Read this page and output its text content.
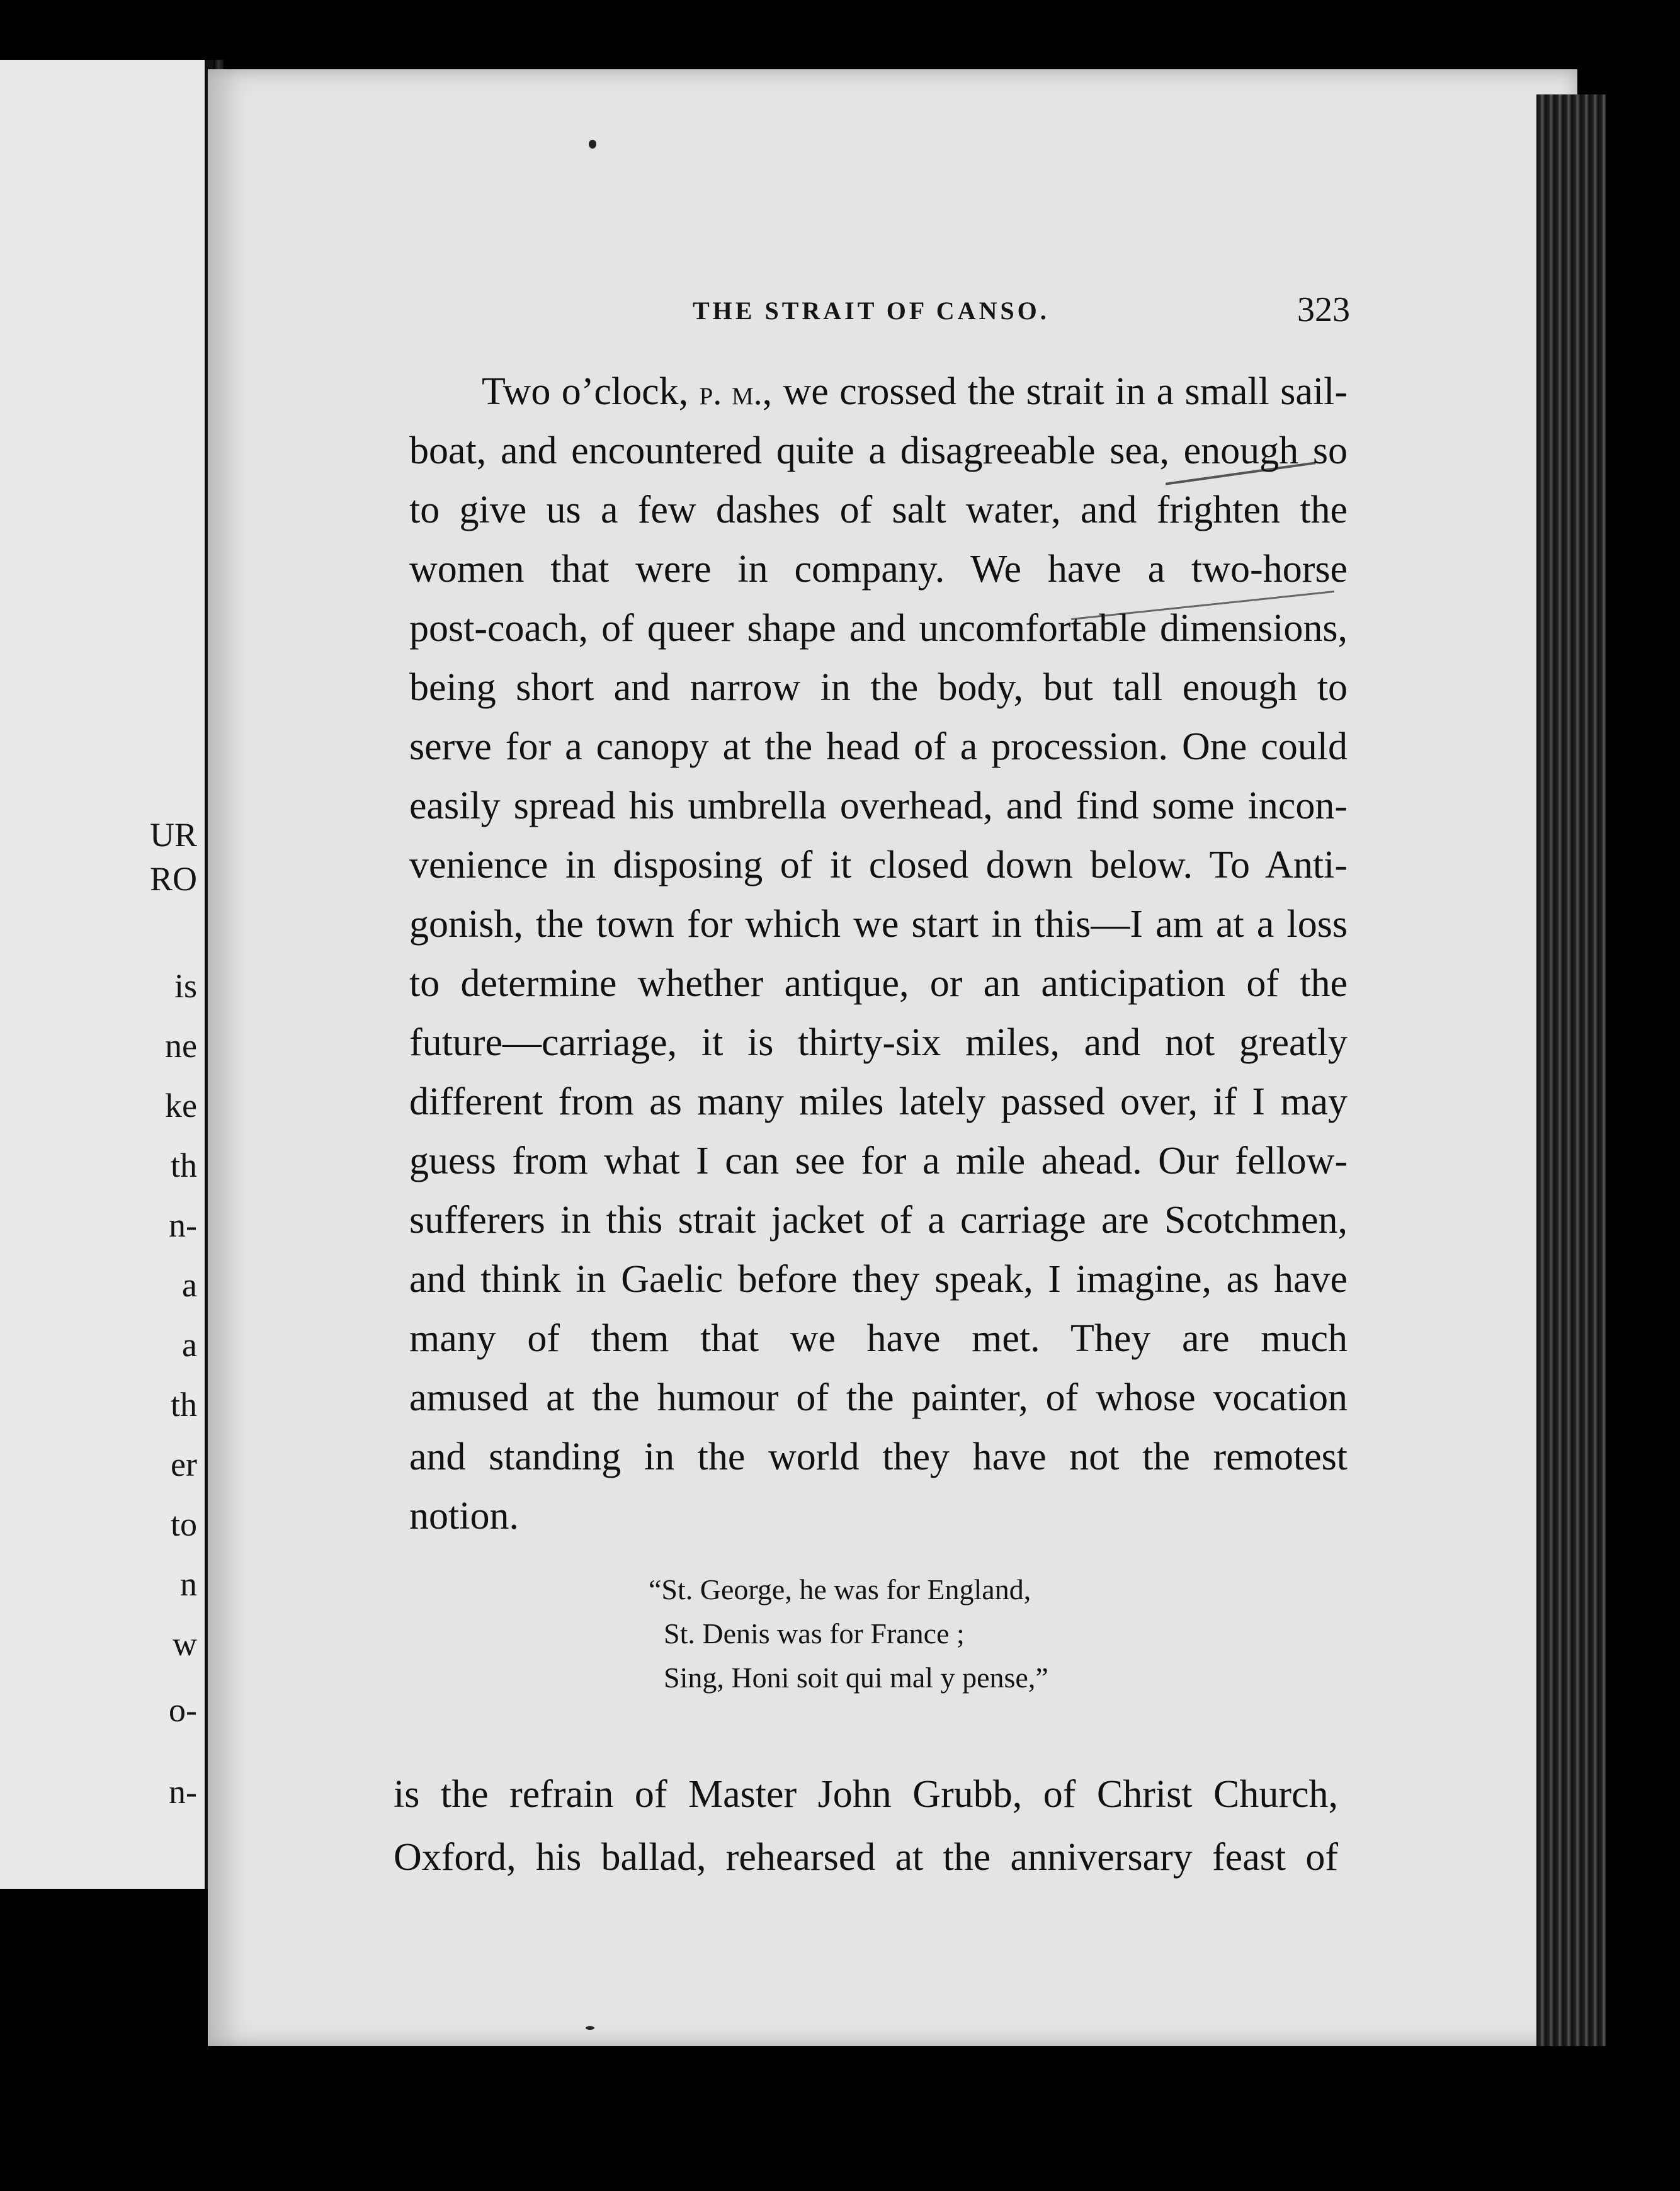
UR
RO
is
ne
ke
th
n-
a
a
th
er
to
n
w
o-
n-
THE STRAIT OF CANSO.	323
Two o’clock, p. m., we crossed the strait in a small sail-
boat, and encountered quite a disagreeable sea, enough so
to give us a few dashes of salt water, and frighten the
women that were in company. We have a two-horse
post-coach, of queer shape and uncomfortable dimensions,
being short and narrow in the body, but tall enough to
serve for a canopy at the head of a procession. One could
easily spread his umbrella overhead, and find some incon-
venience in disposing of it closed down below. To Anti-
gonish, the town for which we start in this—I am at a loss
to determine whether antique, or an anticipation of the
future—carriage, it is thirty-six miles, and not greatly
different from as many miles lately passed over, if I may
guess from what I can see for a mile ahead. Our fellow-
sufferers in this strait jacket of a carriage are Scotchmen,
and think in Gaelic before they speak, I imagine, as have
many of them that we have met. They are much
amused at the humour of the painter, of whose vocation
and standing in the world they have not the remotest
notion.
“St. George, he was for England,
St. Denis was for France ;
Sing, Honi soit qui mal y pense,”
is the refrain of Master John Grubb, of Christ Church,
Oxford, his ballad, rehearsed at the anniversary feast of
